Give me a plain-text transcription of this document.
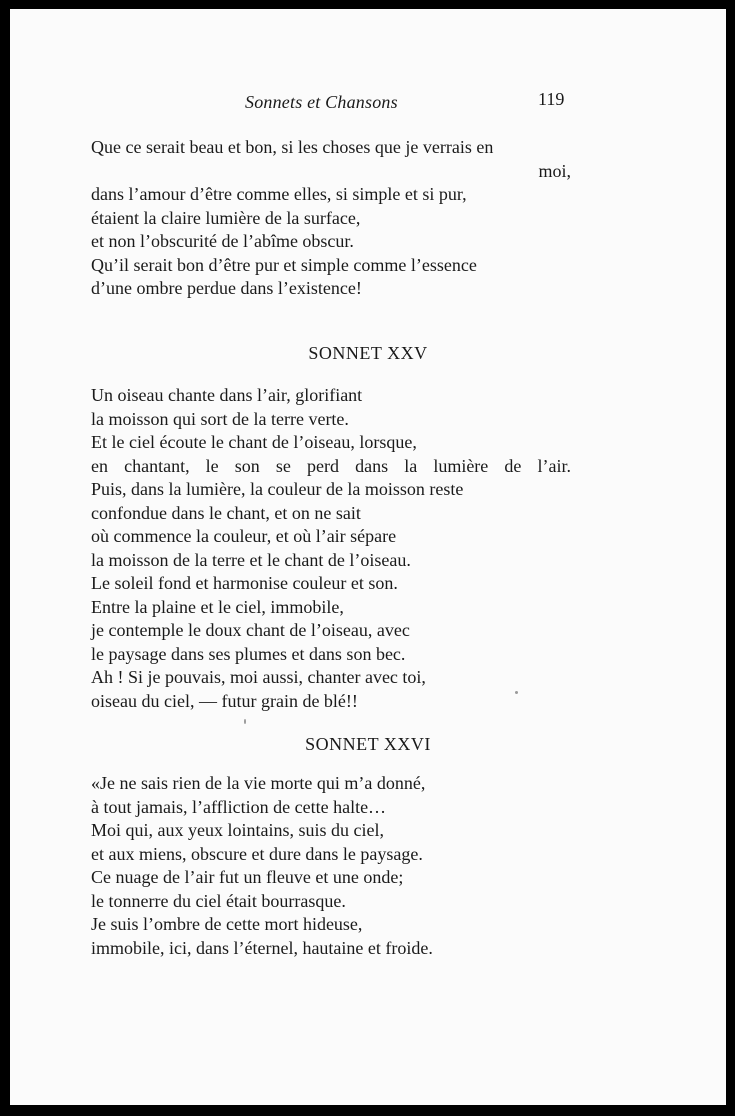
Sonnets et Chansons	119
Que ce serait beau et bon, si les choses que je verrais en
moi,
dans l’amour d’être comme elles, si simple et si pur,
étaient la claire lumière de la surface,
et non l’obscurité de l’abîme obscur.
Qu’il serait bon d’être pur et simple comme l’essence
d’une ombre perdue dans l’existence!
SONNET XXV
Un oiseau chante dans l’air, glorifiant
la moisson qui sort de la terre verte.
Et le ciel écoute le chant de l’oiseau, lorsque,
en chantant, le son se perd dans la lumière de l’air.
Puis, dans la lumière, la couleur de la moisson reste
confondue dans le chant, et on ne sait
où commence la couleur, et où l’air sépare
la moisson de la terre et le chant de l’oiseau.
Le soleil fond et harmonise couleur et son.
Entre la plaine et le ciel, immobile,
je contemple le doux chant de l’oiseau, avec
le paysage dans ses plumes et dans son bec.
Ah ! Si je pouvais, moi aussi, chanter avec toi,
oiseau du ciel, — futur grain de blé!!
SONNET XXVI
«Je ne sais rien de la vie morte qui m’a donné,
à tout jamais, l’affliction de cette halte…
Moi qui, aux yeux lointains, suis du ciel,
et aux miens, obscure et dure dans le paysage.
Ce nuage de l’air fut un fleuve et une onde;
le tonnerre du ciel était bourrasque.
Je suis l’ombre de cette mort hideuse,
immobile, ici, dans l’éternel, hautaine et froide.
